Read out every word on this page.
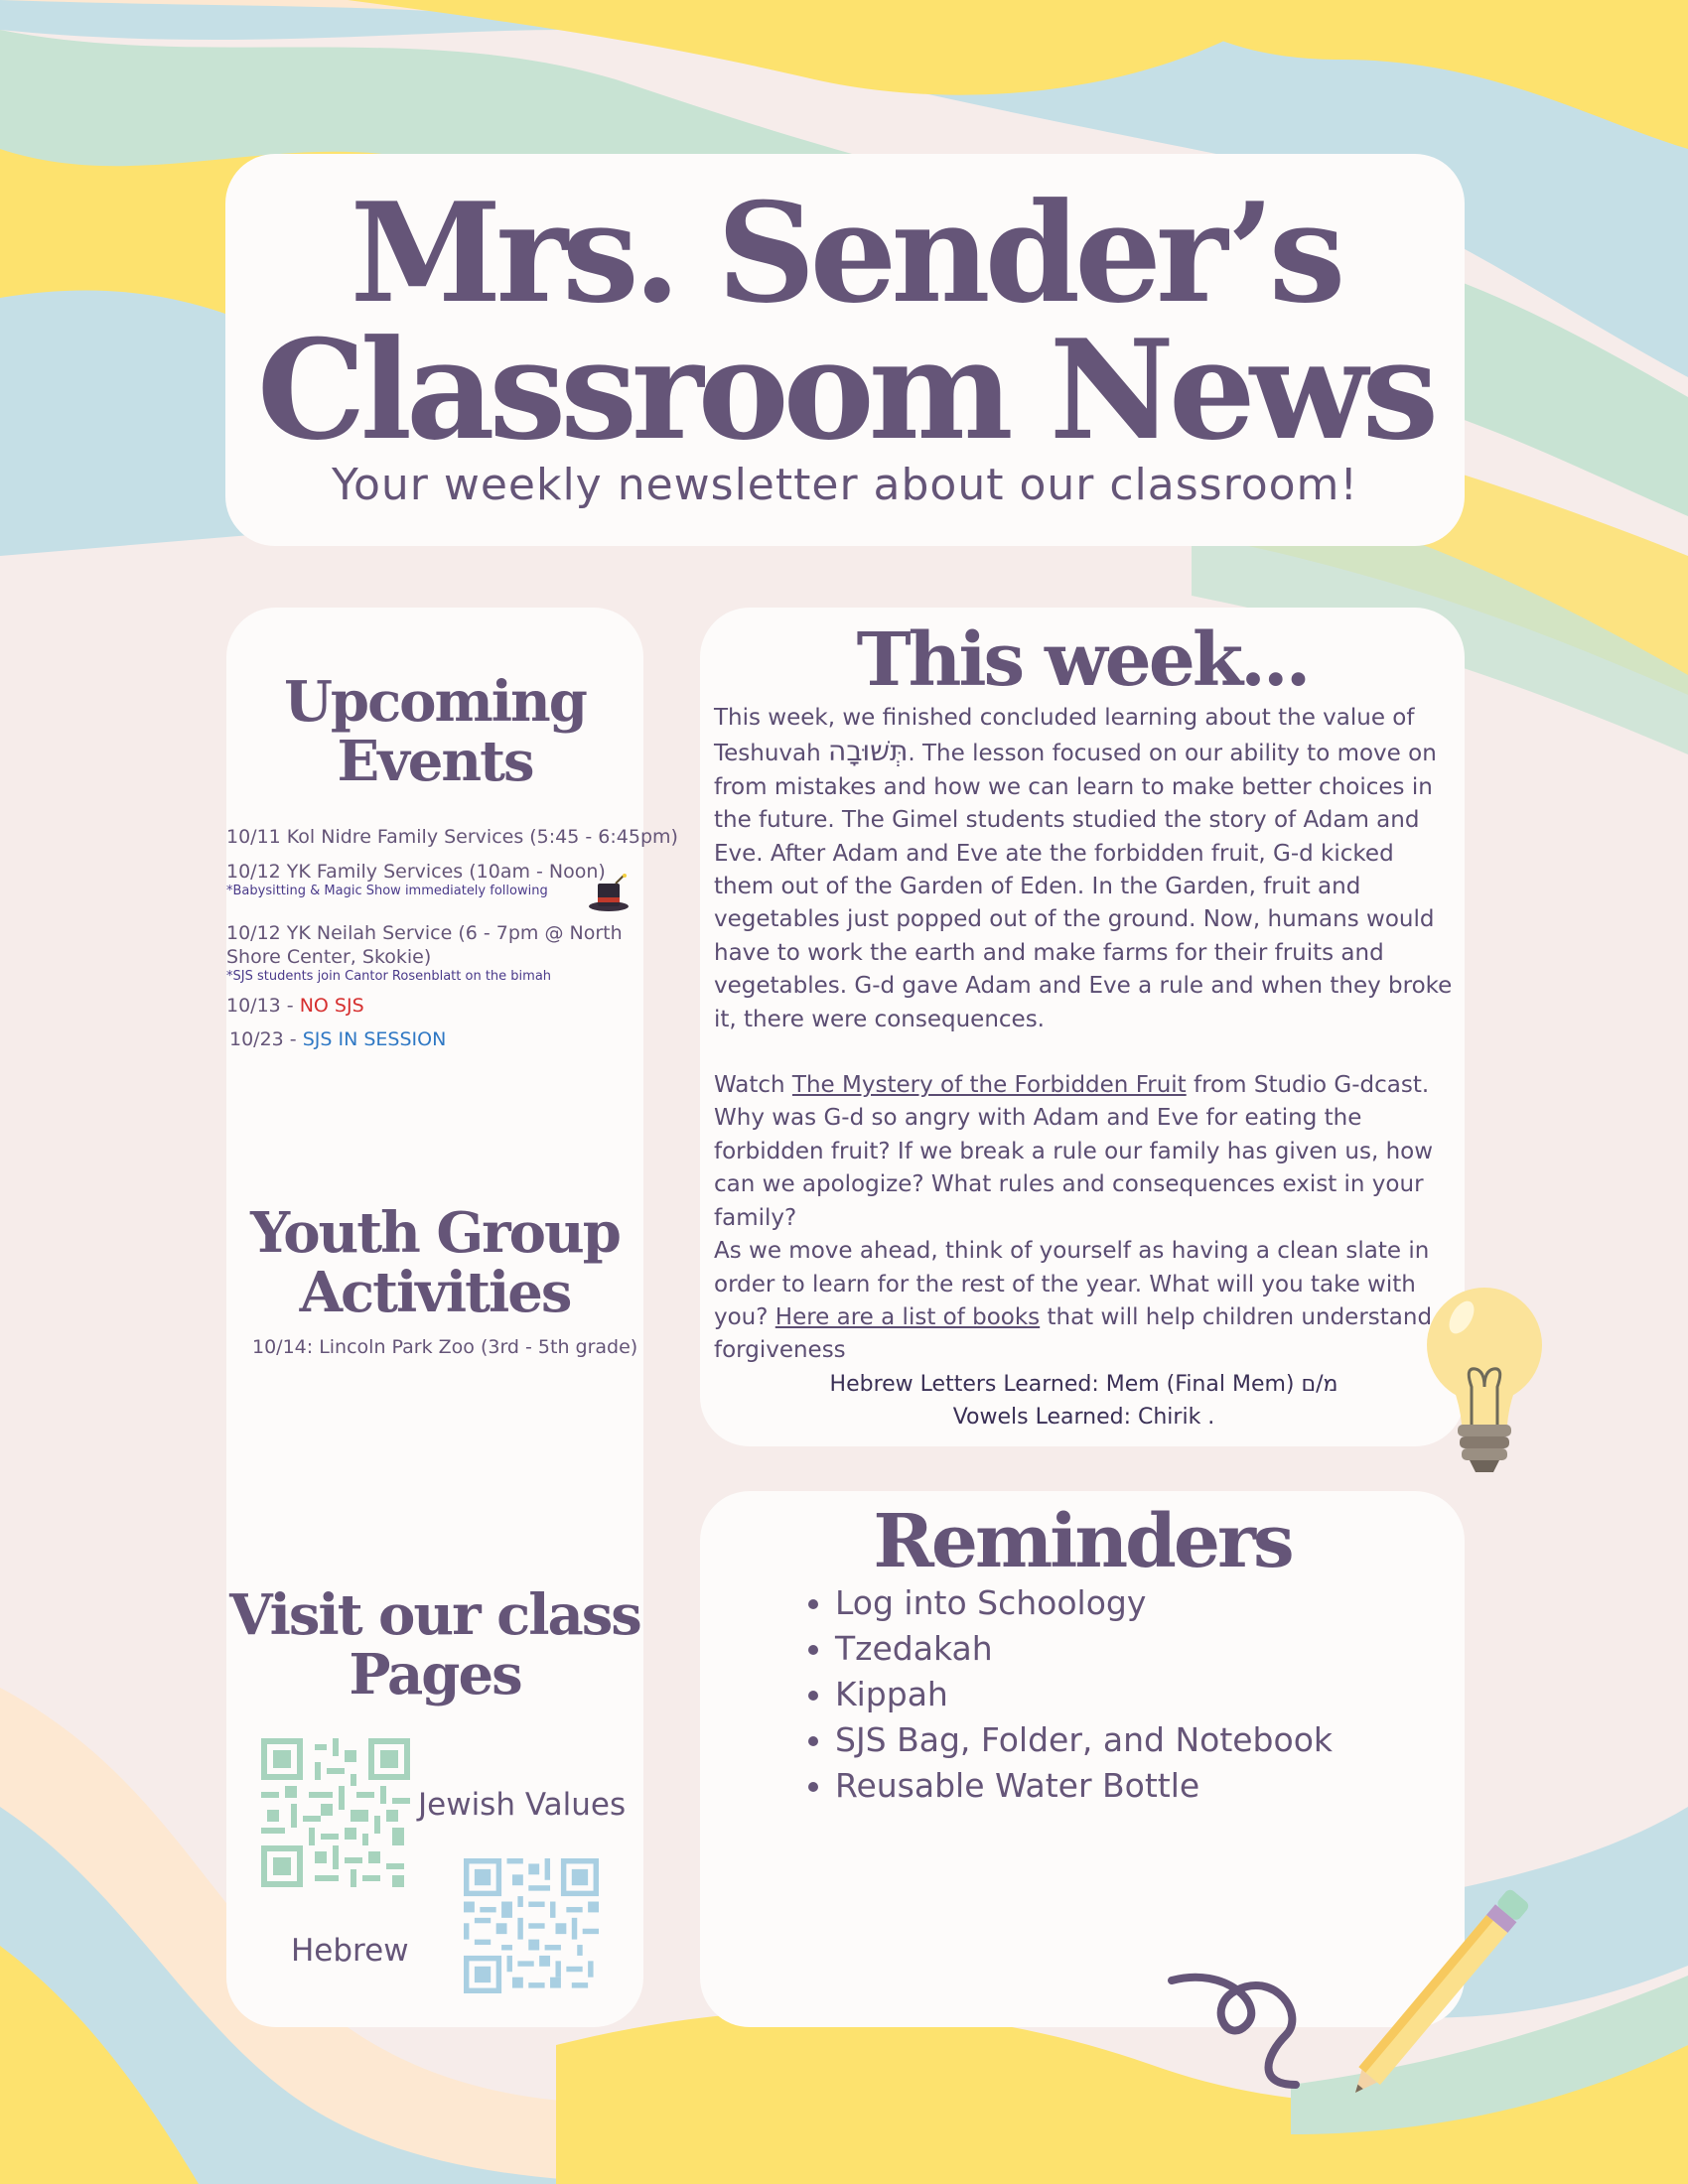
Mrs. Sender’s
Classroom News
Your weekly newsletter about our classroom!
Upcoming
Events
10/11 Kol Nidre Family Services (5:45 - 6:45pm)
10/12 YK Family Services (10am - Noon)
*Babysitting & Magic Show immediately following
10/12 YK Neilah Service (6 - 7pm @ North
Shore Center, Skokie)
*SJS students join Cantor Rosenblatt on the bimah
10/13 - NO SJS
10/23 - SJS IN SESSION
Youth Group
Activities
10/14: Lincoln Park Zoo (3rd - 5th grade)
Visit our class
Pages
Jewish Values
Hebrew
This week...

This week, we finished concluded learning about the value of Teshuvah תְּשׁוּבָה. The lesson focused on our ability to move on from mistakes and how we can learn to make better choices in the future. The Gimel students studied the story of Adam and Eve. After Adam and Eve ate the forbidden fruit, G-d kicked them out of the Garden of Eden. In the Garden, fruit and vegetables just popped out of the ground. Now, humans would have to work the earth and make farms for their fruits and vegetables. G-d gave Adam and Eve a rule and when they broke it, there were consequences.

Watch The Mystery of the Forbidden Fruit from Studio G-dcast. Why was G-d so angry with Adam and Eve for eating the forbidden fruit? If we break a rule our family has given us, how can we apologize? What rules and consequences exist in your family?

As we move ahead, think of yourself as having a clean slate in order to learn for the rest of the year. What will you take with you? Here are a list of books that will help children understand forgiveness

Hebrew Letters Learned: Mem (Final Mem) מ/ם

Vowels Learned: Chirik .

Reminders
• Log into Schoology
• Tzedakah
• Kippah
• SJS Bag, Folder, and Notebook
• Reusable Water Bottle
